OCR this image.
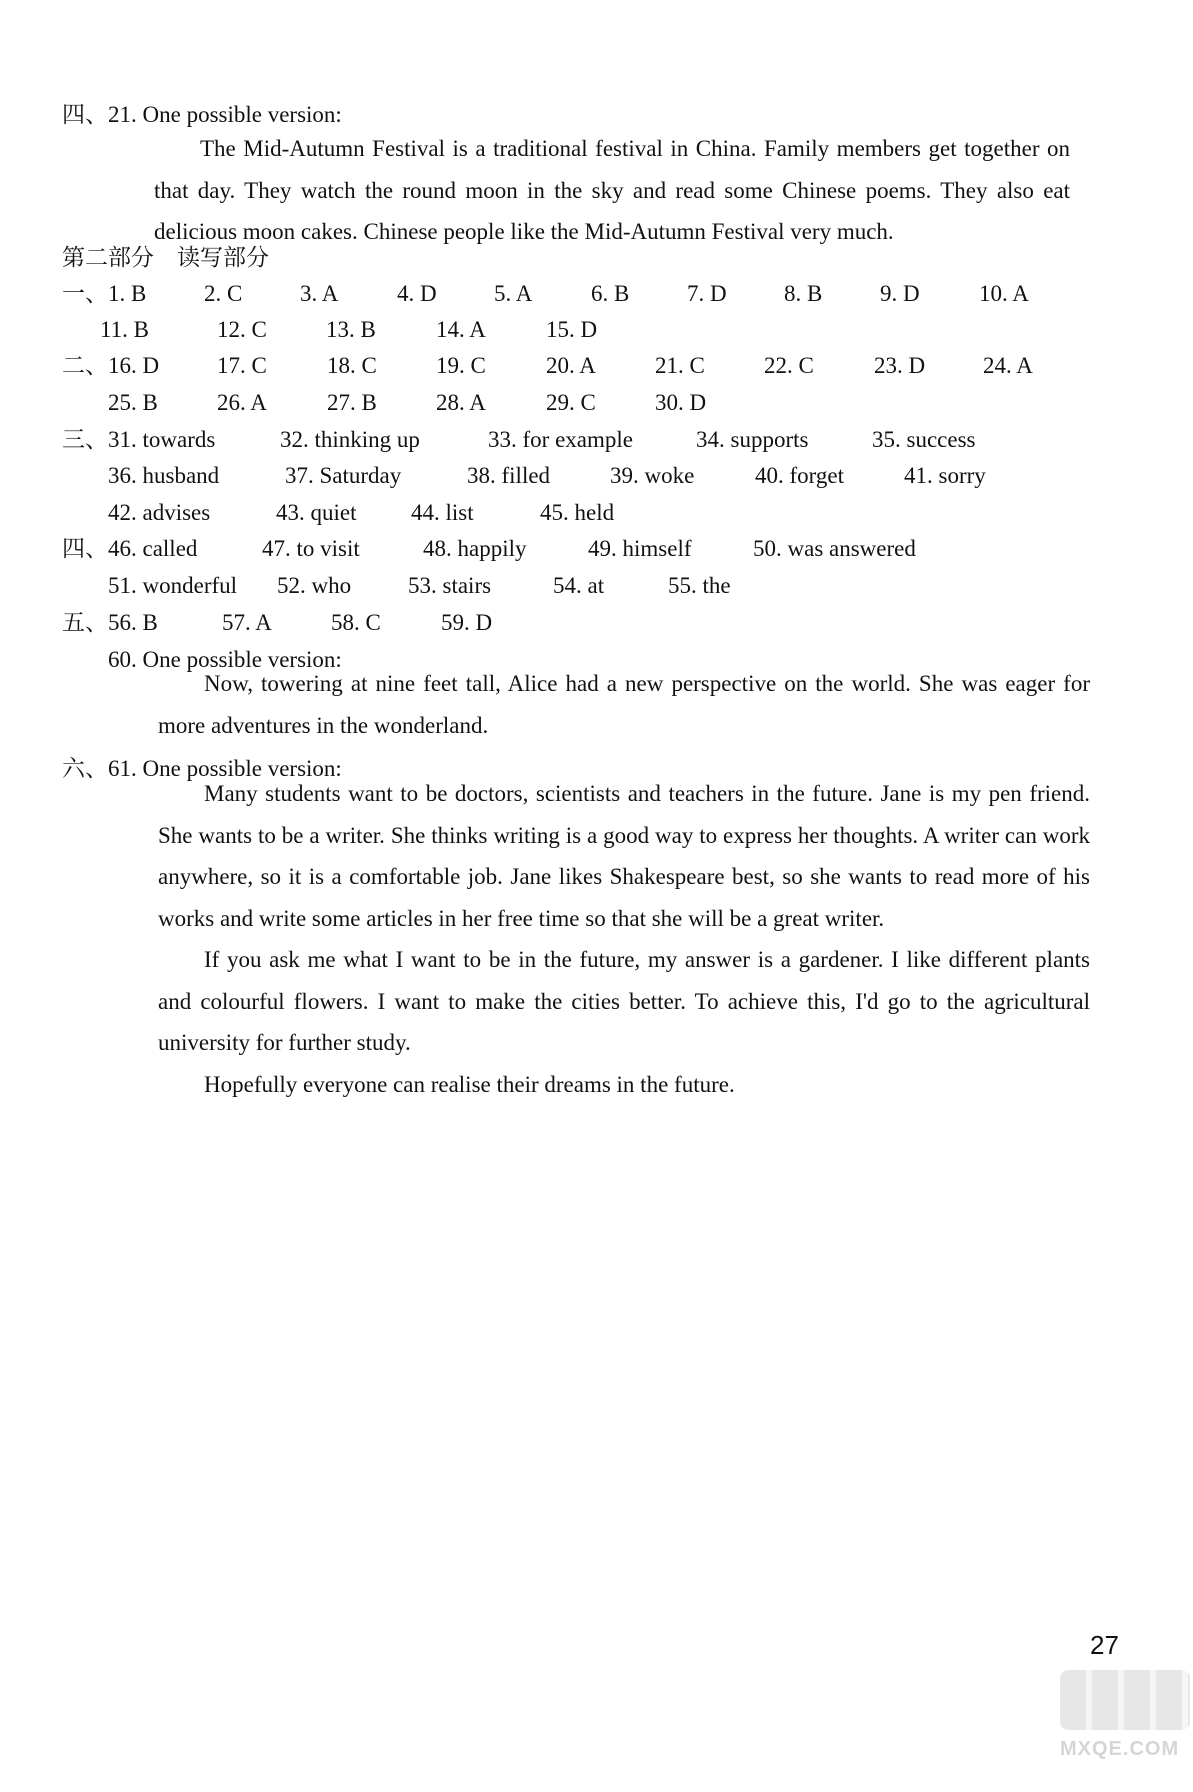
四、21. One possible version:

The Mid-Autumn Festival is a traditional festival in China. Family members get together on that day. They watch the round moon in the sky and read some Chinese poems. They also eat delicious moon cakes. Chinese people like the Mid-Autumn Festival very much.

第二部分　读写部分
一、 1. B	2. C	3. A	4. D 5. A	6. B	7. D 8. B	9. D	10. A
11. B	12. C	13. B	14. A	15. D
二、 16. D	17. C	18. C	19. C	20. A	21. C	22. C	23. D	24. A
25. B	26. A	27. B	28. A	29. C	30. D
三、 31. towards	32. thinking up	33. for example	34. supports	35. success
36. husband	37. Saturday	38. filled	39. woke	40. forget	41. sorry
42. advises	43. quiet 44. list	45. held
四、 46. called	47. to visit	48. happily	49. himself	50. was answered
51. wonderful 52. who 53. stairs	54. at	55. the
五、 56. B	57. A	58. C	59. D
60. One possible version:

Now, towering at nine feet tall, Alice had a new perspective on the world. She was eager for more adventures in the wonderland.

六、61. One possible version:

Many students want to be doctors, scientists and teachers in the future. Jane is my pen friend. She wants to be a writer. She thinks writing is a good way to express her thoughts. A writer can work anywhere, so it is a comfortable job. Jane likes Shakespeare best, so she wants to read more of his works and write some articles in her free time so that she will be a great writer.

If you ask me what I want to be in the future, my answer is a gardener. I like different plants and colourful flowers. I want to make the cities better. To achieve this, I'd go to the agricultural university for further study.

Hopefully everyone can realise their dreams in the future.

27
MXQE.COM
